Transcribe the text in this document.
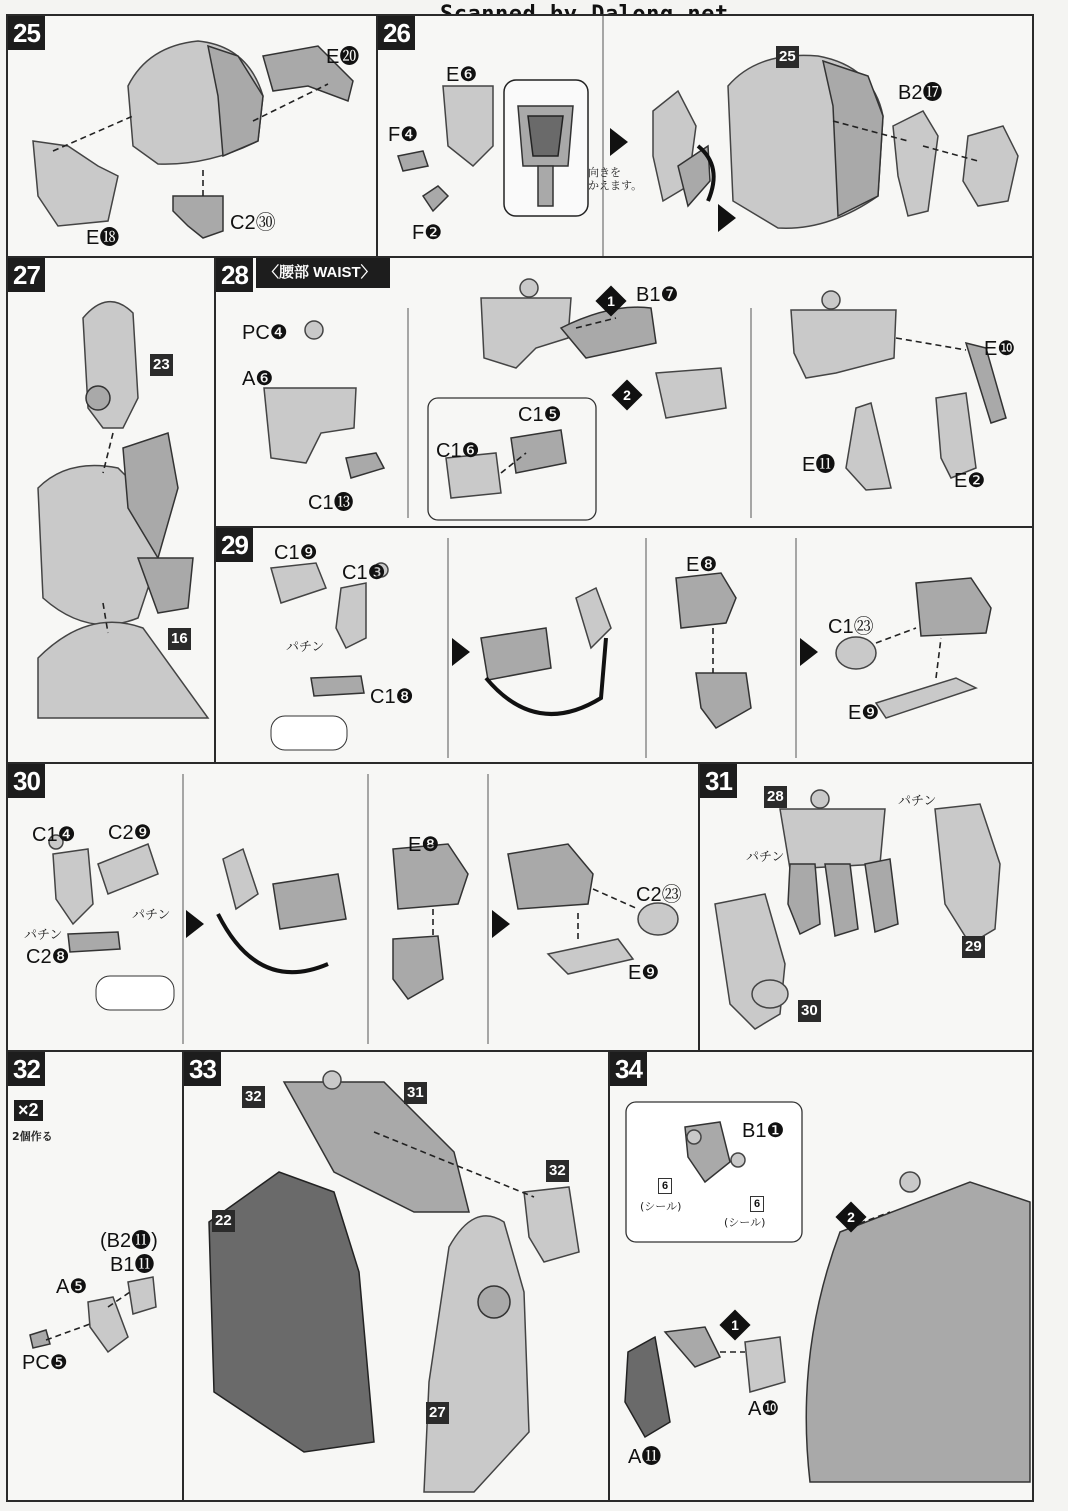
25
E⓴
E⓲
C2㉚
26
E❻
F❹
F❷
向きを
かえます。
25
B2⓱
27
23
16
28	〈腰部 WAIST〉
PC❹
A❻
C1⓭
1	B1❼
2
C1❺
C1❻
E❿
E⓫
E❷
29 C1❾
C1❸
パチン
C1❽
E❽
C1㉓
E❾
30
C1❹ C2❾
パチン
パチン
C2❽
E❽
C2㉓
E❾
31
28	パチン
パチン
29
30
32
×2
2個作る
(B2⓫)
B1⓫
A❺
PC❺
33
32	31
22
32
27
34
B1❶
6
(シール)	6
(シール)
1
2
A⓫
A❿
